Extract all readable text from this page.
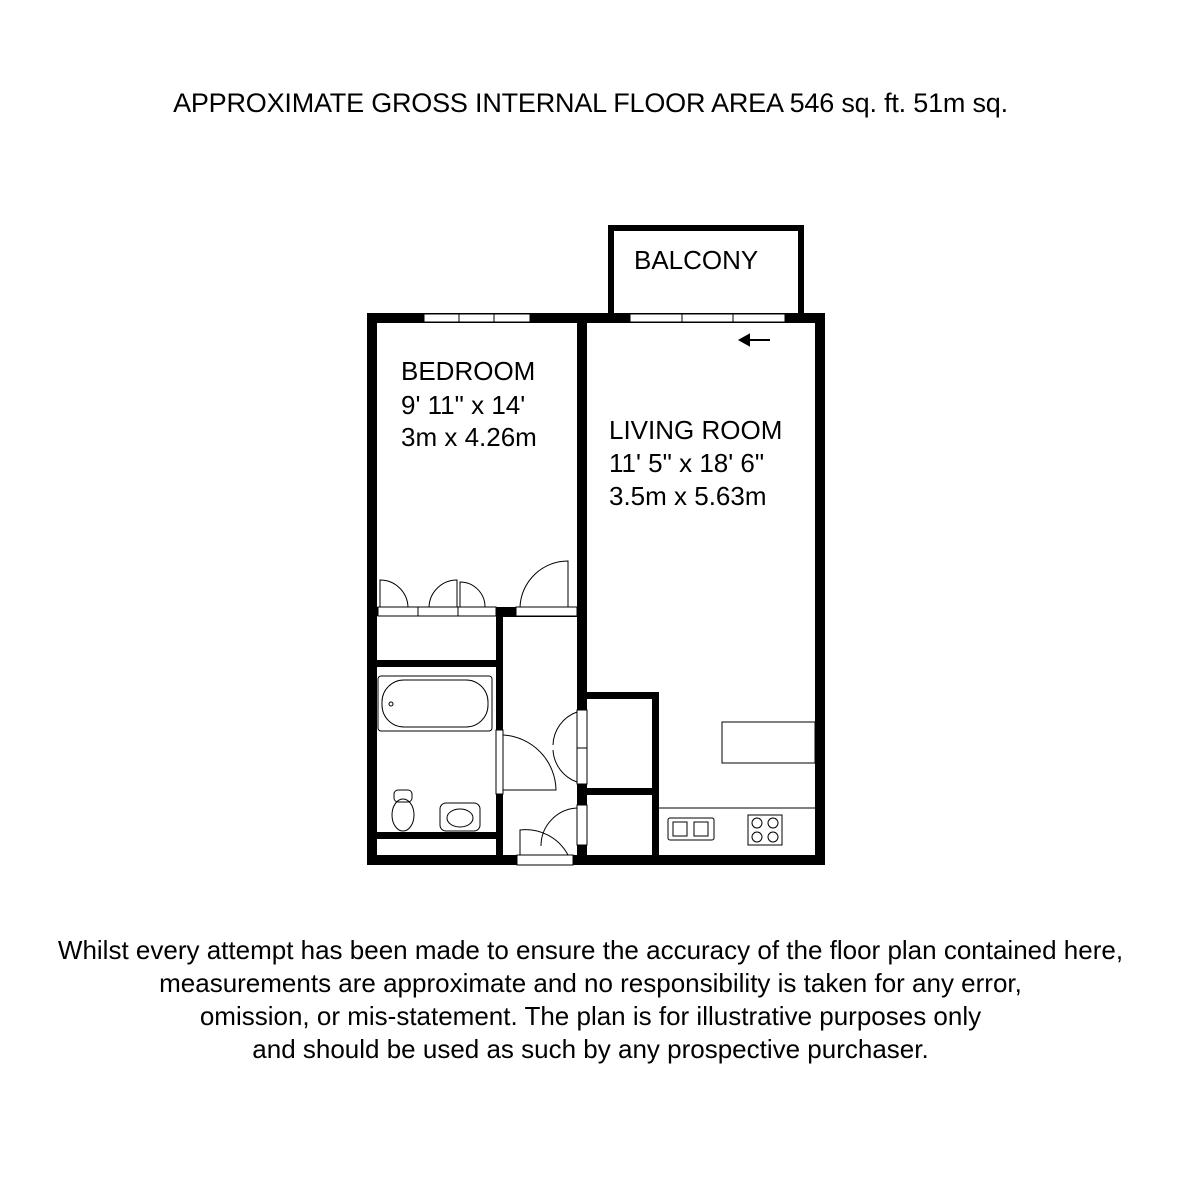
APPROXIMATE GROSS INTERNAL FLOOR AREA 546 sq. ft. 51m sq.
BALCONY
BEDROOM
9' 11" x 14'
3m x 4.26m	LIVING ROOM
11' 5" x 18' 6"
3.5m x 5.63m
Whilst every attempt has been made to ensure the accuracy of the floor plan contained here,
measurements are approximate and no responsibility is taken for any error,
omission, or mis-statement. The plan is for illustrative purposes only
and should be used as such by any prospective purchaser.
